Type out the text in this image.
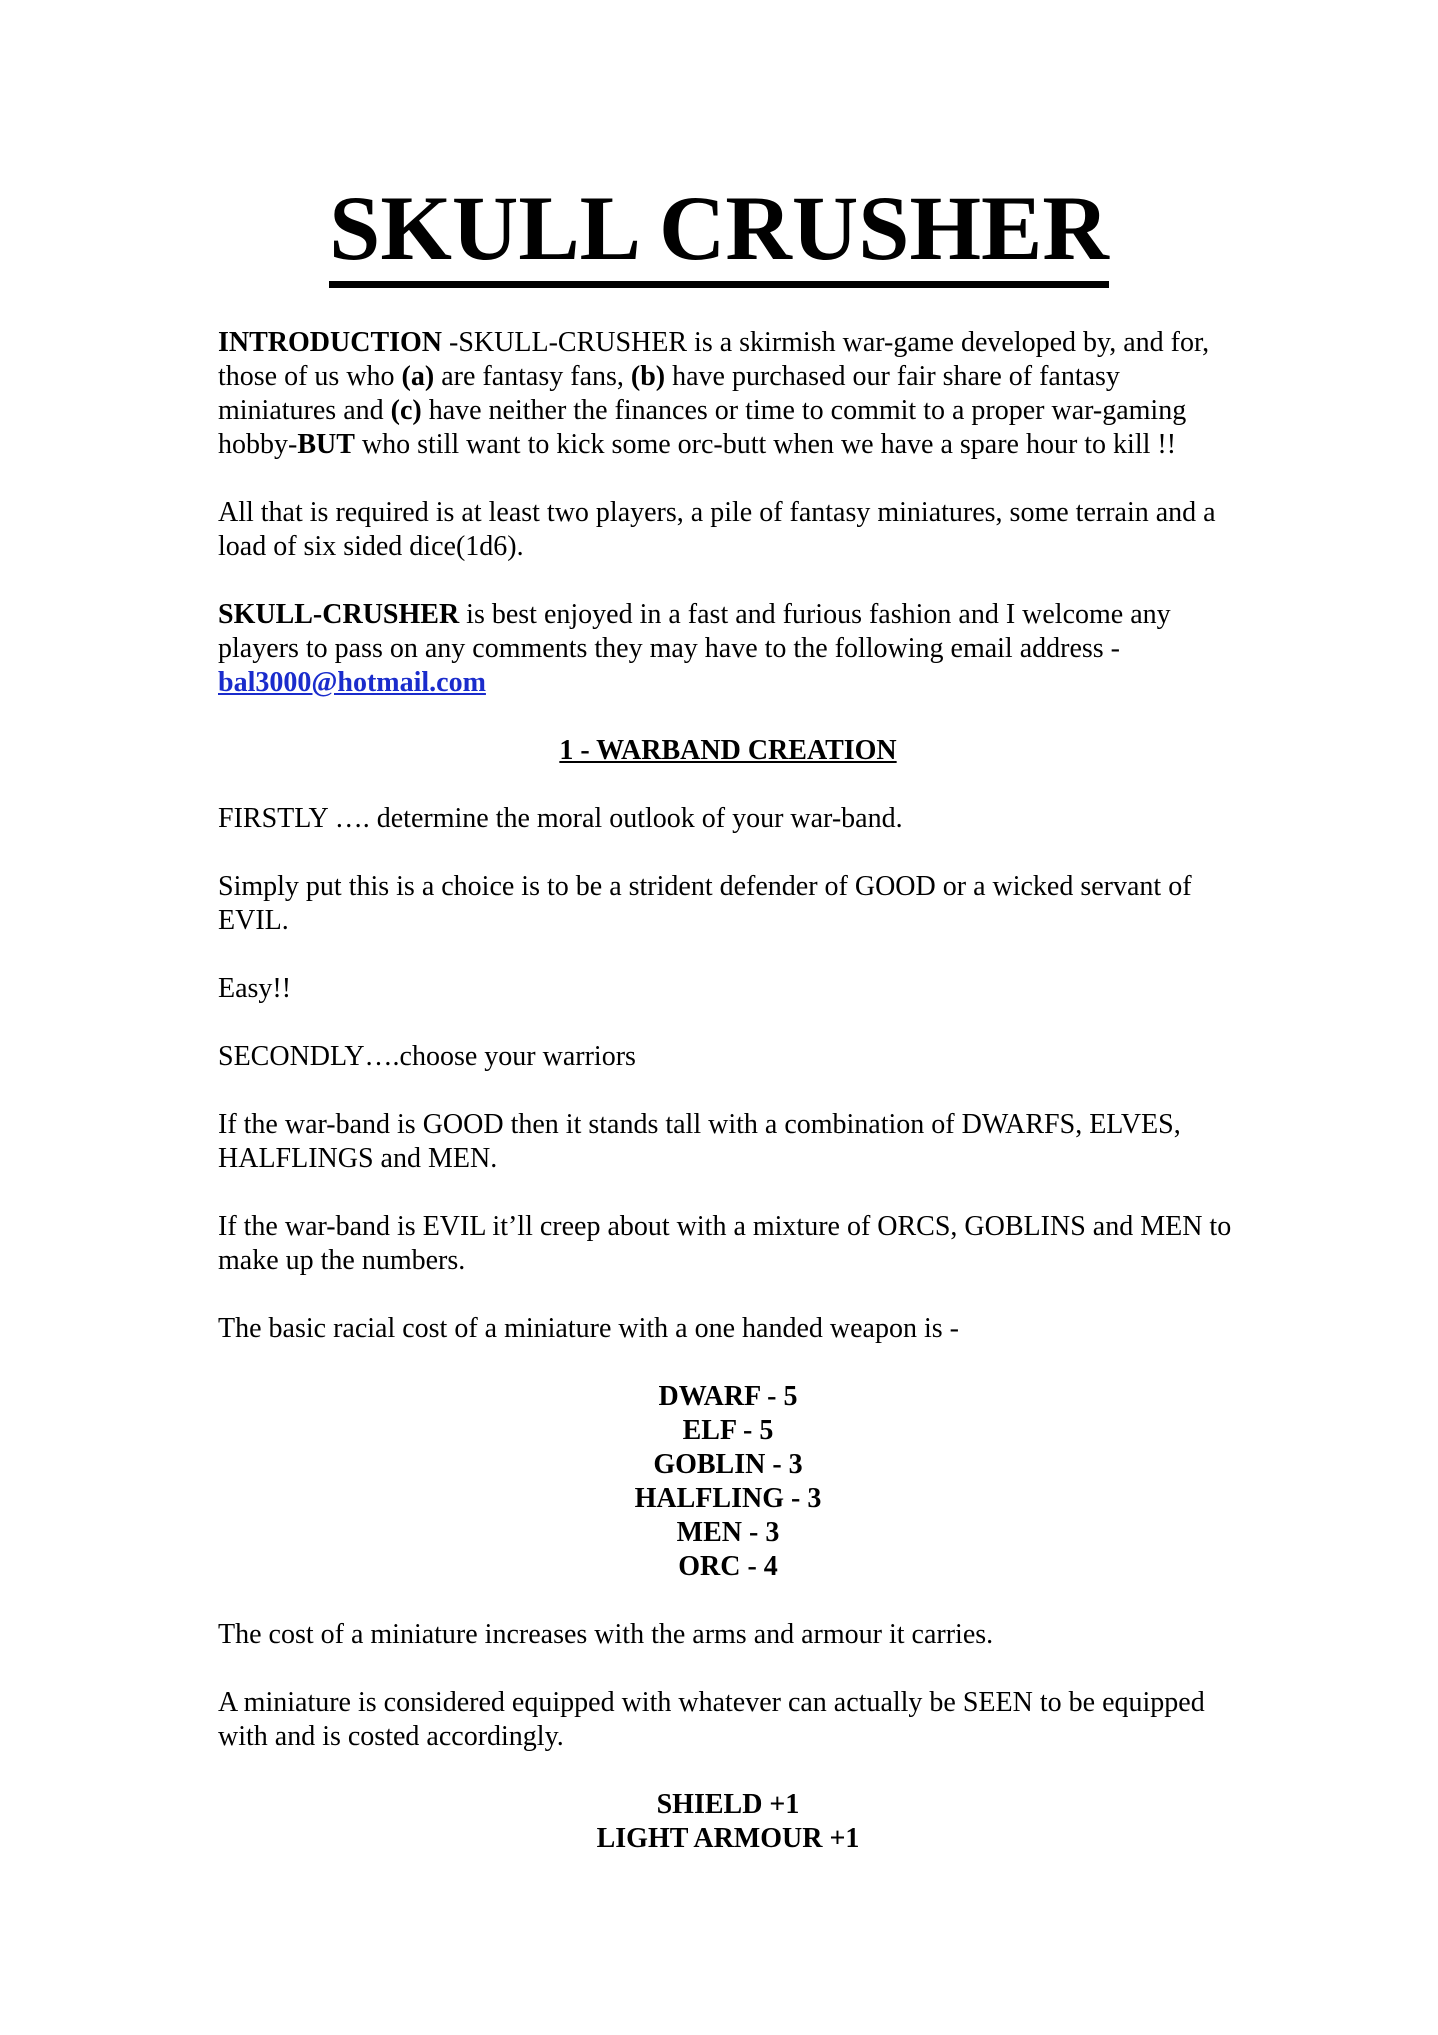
SKULL CRUSHER

INTRODUCTION -SKULL-CRUSHER is a skirmish war-game developed by, and for, those of us who (a) are fantasy fans, (b) have purchased our fair share of fantasy miniatures and (c) have neither the finances or time to commit to a proper war-gaming hobby-BUT who still want to kick some orc-butt when we have a spare hour to kill !!

All that is required is at least two players, a pile of fantasy miniatures, some terrain and a load of six sided dice(1d6).

SKULL-CRUSHER is best enjoyed in a fast and furious fashion and I welcome any players to pass on any comments they may have to the following email address -
bal3000@hotmail.com

1 - WARBAND CREATION

FIRSTLY …. determine the moral outlook of your war-band.

Simply put this is a choice is to be a strident defender of GOOD or a wicked servant of EVIL.

Easy!!

SECONDLY….choose your warriors

If the war-band is GOOD then it stands tall with a combination of DWARFS, ELVES, HALFLINGS and MEN.

If the war-band is EVIL it’ll creep about with a mixture of ORCS, GOBLINS and MEN to make up the numbers.

The basic racial cost of a miniature with a one handed weapon is -

DWARF - 5
ELF - 5
GOBLIN - 3
HALFLING - 3
MEN - 3
ORC - 4

The cost of a miniature increases with the arms and armour it carries.

A miniature is considered equipped with whatever can actually be SEEN to be equipped with and is costed accordingly.

SHIELD +1
LIGHT ARMOUR +1
